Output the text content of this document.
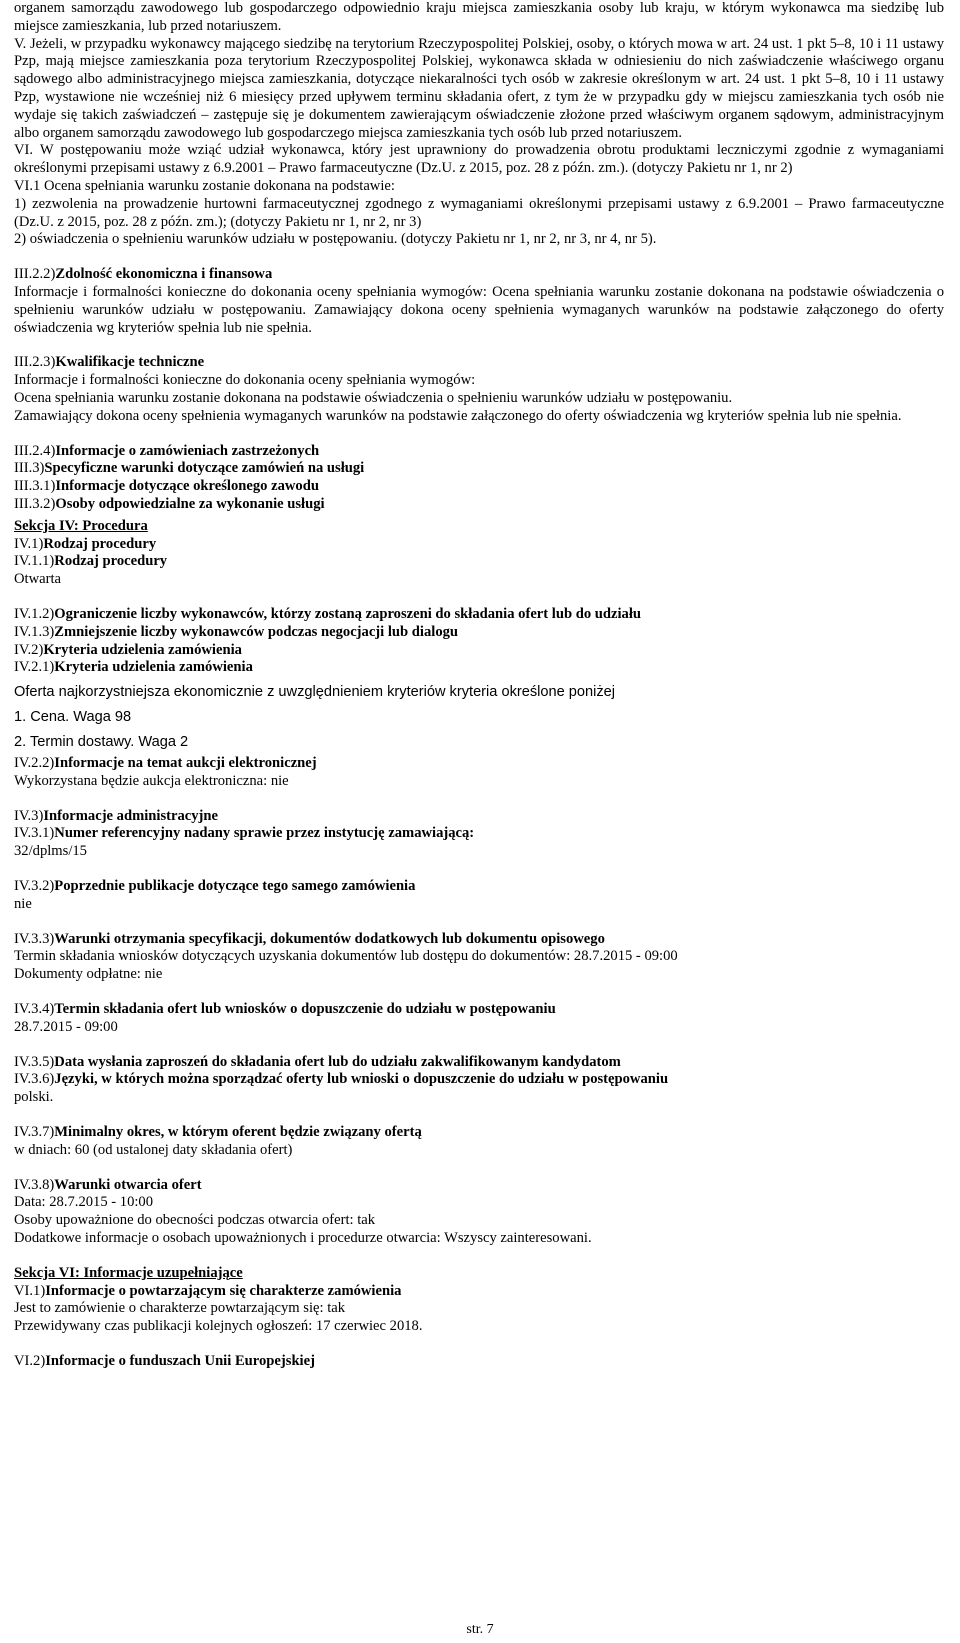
organem samorządu zawodowego lub gospodarczego odpowiednio kraju miejsca zamieszkania osoby lub kraju, w którym wykonawca ma siedzibę lub miejsce zamieszkania, lub przed notariuszem.

V. Jeżeli, w przypadku wykonawcy mającego siedzibę na terytorium Rzeczypospolitej Polskiej, osoby, o których mowa w art. 24 ust. 1 pkt 5–8, 10 i 11 ustawy Pzp, mają miejsce zamieszkania poza terytorium Rzeczypospolitej Polskiej, wykonawca składa w odniesieniu do nich zaświadczenie właściwego organu sądowego albo administracyjnego miejsca zamieszkania, dotyczące niekaralności tych osób w zakresie określonym w art. 24 ust. 1 pkt 5–8, 10 i 11 ustawy Pzp, wystawione nie wcześniej niż 6 miesięcy przed upływem terminu składania ofert, z tym że w przypadku gdy w miejscu zamieszkania tych osób nie wydaje się takich zaświadczeń – zastępuje się je dokumentem zawierającym oświadczenie złożone przed właściwym organem sądowym, administracyjnym albo organem samorządu zawodowego lub gospodarczego miejsca zamieszkania tych osób lub przed notariuszem.

VI. W postępowaniu może wziąć udział wykonawca, który jest uprawniony do prowadzenia obrotu produktami leczniczymi zgodnie z wymaganiami określonymi przepisami ustawy z 6.9.2001 – Prawo farmaceutyczne (Dz.U. z 2015, poz. 28 z późn. zm.). (dotyczy Pakietu nr 1, nr 2)

VI.1 Ocena spełniania warunku zostanie dokonana na podstawie:

1) zezwolenia na prowadzenie hurtowni farmaceutycznej zgodnego z wymaganiami określonymi przepisami ustawy z 6.9.2001 – Prawo farmaceutyczne (Dz.U. z 2015, poz. 28 z późn. zm.); (dotyczy Pakietu nr 1, nr 2, nr 3)

2) oświadczenia o spełnieniu warunków udziału w postępowaniu. (dotyczy Pakietu nr 1, nr 2, nr 3, nr 4, nr 5).

III.2.2)Zdolność ekonomiczna i finansowa

Informacje i formalności konieczne do dokonania oceny spełniania wymogów: Ocena spełniania warunku zostanie dokonana na podstawie oświadczenia o spełnieniu warunków udziału w postępowaniu. Zamawiający dokona oceny spełnienia wymaganych warunków na podstawie załączonego do oferty oświadczenia wg kryteriów spełnia lub nie spełnia.

III.2.3)Kwalifikacje techniczne

Informacje i formalności konieczne do dokonania oceny spełniania wymogów:

Ocena spełniania warunku zostanie dokonana na podstawie oświadczenia o spełnieniu warunków udziału w postępowaniu.

Zamawiający dokona oceny spełnienia wymaganych warunków na podstawie załączonego do oferty oświadczenia wg kryteriów spełnia lub nie spełnia.

III.2.4)Informacje o zamówieniach zastrzeżonych

III.3)Specyficzne warunki dotyczące zamówień na usługi

III.3.1)Informacje dotyczące określonego zawodu

III.3.2)Osoby odpowiedzialne za wykonanie usługi

Sekcja IV: Procedura

IV.1)Rodzaj procedury

IV.1.1)Rodzaj procedury

Otwarta

IV.1.2)Ograniczenie liczby wykonawców, którzy zostaną zaproszeni do składania ofert lub do udziału

IV.1.3)Zmniejszenie liczby wykonawców podczas negocjacji lub dialogu

IV.2)Kryteria udzielenia zamówienia

IV.2.1)Kryteria udzielenia zamówienia

Oferta najkorzystniejsza ekonomicznie z uwzględnieniem kryteriów kryteria określone poniżej

1. Cena. Waga 98

2. Termin dostawy. Waga 2

IV.2.2)Informacje na temat aukcji elektronicznej

Wykorzystana będzie aukcja elektroniczna: nie

IV.3)Informacje administracyjne

IV.3.1)Numer referencyjny nadany sprawie przez instytucję zamawiającą:

32/dplms/15

IV.3.2)Poprzednie publikacje dotyczące tego samego zamówienia

nie

IV.3.3)Warunki otrzymania specyfikacji, dokumentów dodatkowych lub dokumentu opisowego

Termin składania wniosków dotyczących uzyskania dokumentów lub dostępu do dokumentów: 28.7.2015 - 09:00

Dokumenty odpłatne: nie

IV.3.4)Termin składania ofert lub wniosków o dopuszczenie do udziału w postępowaniu

28.7.2015 - 09:00

IV.3.5)Data wysłania zaproszeń do składania ofert lub do udziału zakwalifikowanym kandydatom

IV.3.6)Języki, w których można sporządzać oferty lub wnioski o dopuszczenie do udziału w postępowaniu

polski.

IV.3.7)Minimalny okres, w którym oferent będzie związany ofertą

w dniach: 60 (od ustalonej daty składania ofert)

IV.3.8)Warunki otwarcia ofert

Data: 28.7.2015 - 10:00

Osoby upoważnione do obecności podczas otwarcia ofert: tak

Dodatkowe informacje o osobach upoważnionych i procedurze otwarcia: Wszyscy zainteresowani.

Sekcja VI: Informacje uzupełniające

VI.1)Informacje o powtarzającym się charakterze zamówienia

Jest to zamówienie o charakterze powtarzającym się: tak

Przewidywany czas publikacji kolejnych ogłoszeń: 17 czerwiec 2018.

VI.2)Informacje o funduszach Unii Europejskiej

str. 7
